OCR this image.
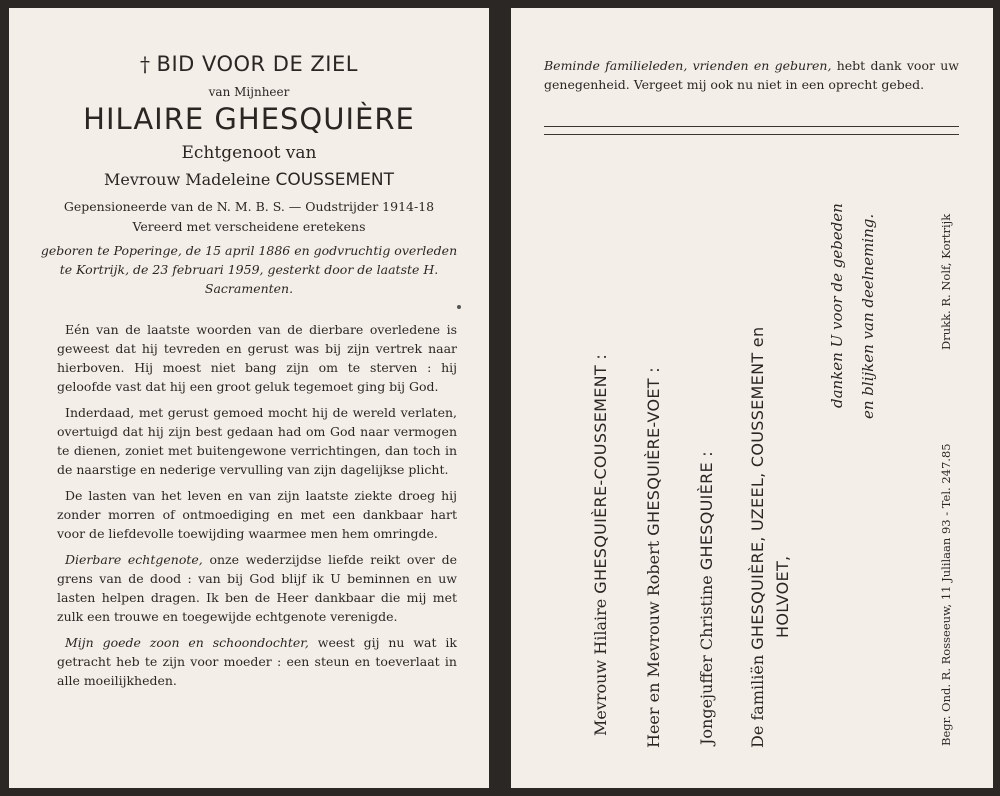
† BID VOOR DE ZIEL
van Mijnheer
HILAIRE GHESQUIÈRE
Echtgenoot van
Mevrouw Madeleine COUSSEMENT
Gepensioneerde van de N. M. B. S. — Oudstrijder 1914-18
Vereerd met verscheidene eretekens
geboren te Poperinge, de 15 april 1886 en godvruchtig overleden te Kortrijk, de 23 februari 1959, gesterkt door de laatste H. Sacramenten.

Eén van de laatste woorden van de dierbare overledene is geweest dat hij tevreden en gerust was bij zijn vertrek naar hierboven. Hij moest niet bang zijn om te sterven : hij geloofde vast dat hij een groot geluk tegemoet ging bij God.

Inderdaad, met gerust gemoed mocht hij de wereld verlaten, overtuigd dat hij zijn best gedaan had om God naar vermogen te dienen, zoniet met buitengewone verrichtingen, dan toch in de naarstige en nederige vervulling van zijn dagelijkse plicht.

De lasten van het leven en van zijn laatste ziekte droeg hij zonder morren of ontmoediging en met een dankbaar hart voor de liefdevolle toewijding waarmee men hem omringde.

Dierbare echtgenote, onze wederzijdse liefde reikt over de grens van de dood : van bij God blijf ik U beminnen en uw lasten helpen dragen. Ik ben de Heer dankbaar die mij met zulk een trouwe en toegewijde echtgenote verenigde.

Mijn goede zoon en schoondochter, weest gij nu wat ik getracht heb te zijn voor moeder : een steun en toeverlaat in alle moeilijkheden.

Beminde familieleden, vrienden en geburen, hebt dank voor uw genegenheid. Vergeet mij ook nu niet in een oprecht gebed.
Mevrouw Hilaire GHESQUIÈRE-COUSSEMENT :
Heer en Mevrouw Robert GHESQUIÈRE-VOET :
Jongejuffer Christine GHESQUIÈRE :
De familiën GHESQUIÈRE, UZEEL, COUSSEMENT en HOLVOET,
danken U voor de gebeden en blijken van deelneming.
Begr. Ond. R. Rosseeuw, 11 Julilaan 93 - Tel. 247.85
Drukk. R. Nolf, Kortrijk
